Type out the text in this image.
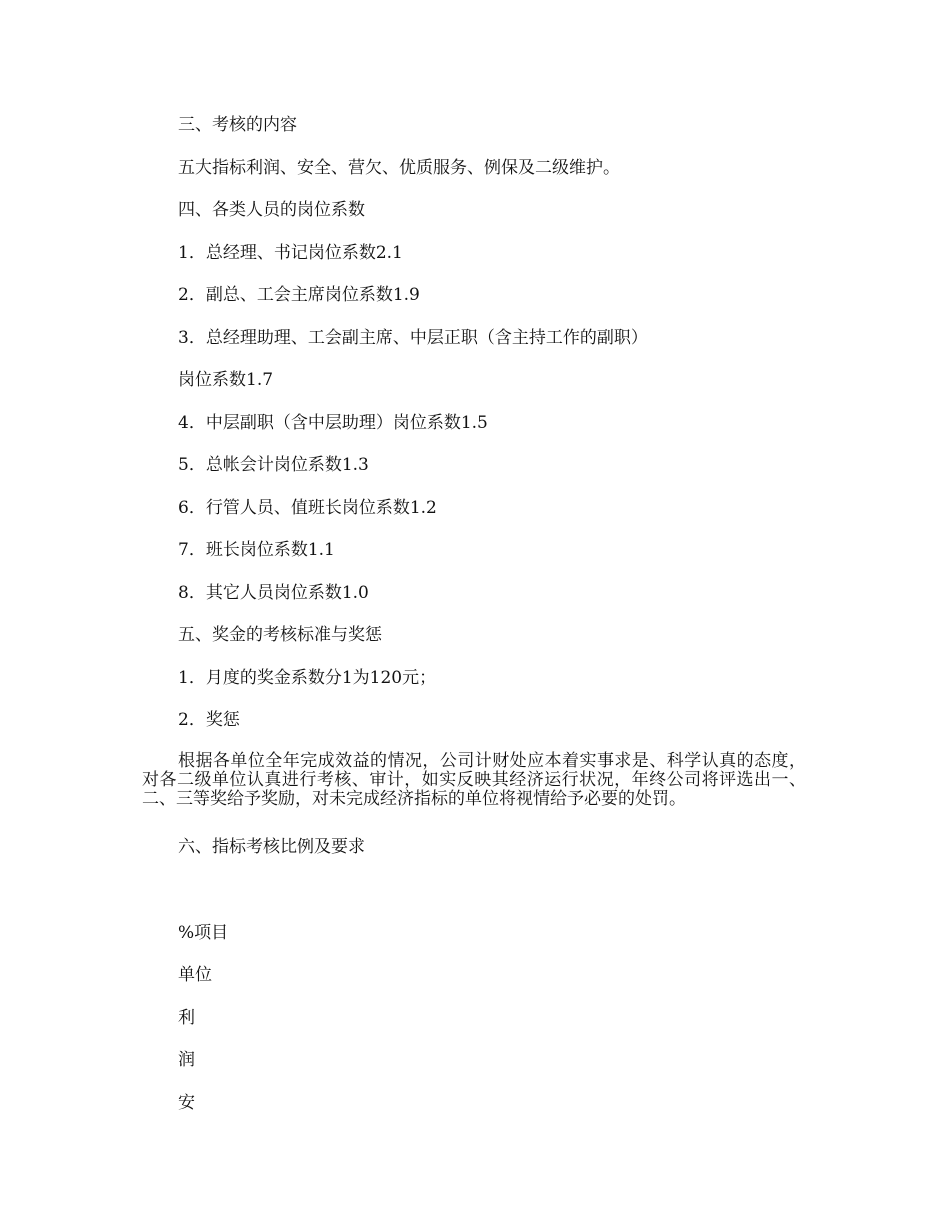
三、考核的内容
五大指标利润、安全、营欠、优质服务、例保及二级维护。
四、各类人员的岗位系数
1．总经理、书记岗位系数2.1
2．副总、工会主席岗位系数1.9
3．总经理助理、工会副主席、中层正职（含主持工作的副职）
岗位系数1.7
4．中层副职（含中层助理）岗位系数1.5
5．总帐会计岗位系数1.3
6．行管人员、值班长岗位系数1.2
7．班长岗位系数1.1
8．其它人员岗位系数1.0
五、奖金的考核标准与奖惩
1．月度的奖金系数分1为120元；
2．奖惩
根据各单位全年完成效益的情况，公司计财处应本着实事求是、科学认真的态度，对各二级单位认真进行考核、审计，如实反映其经济运行状况，年终公司将评选出一、二、三等奖给予奖励，对未完成经济指标的单位将视情给予必要的处罚。
六、指标考核比例及要求
%项目
单位
利
润
安
